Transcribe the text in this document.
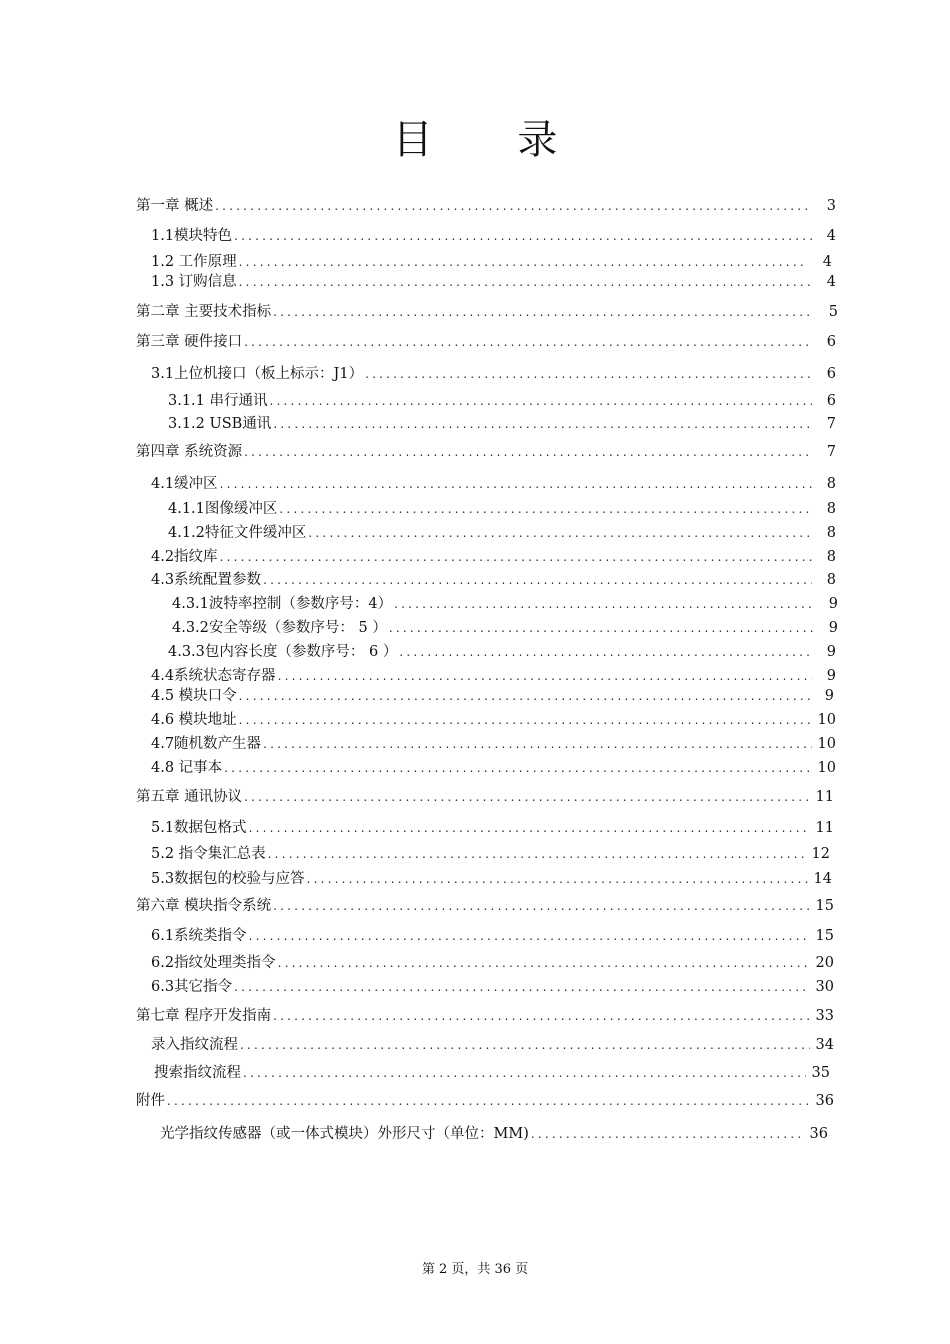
目 录
第一章 概述 .....	3
1.1模块特色 .....	4
1.2 工作原理 .....	4
1.3 订购信息 .....	4
第二章 主要技术指标 .....	5
第三章 硬件接口 .....	6
3.1上位机接口（板上标示：J1） .....	6
3.1.1 串行通讯 .....	6
3.1.2 USB通讯 .....	7
第四章 系统资源 .....	7
4.1缓冲区 .....	8
4.1.1图像缓冲区 .....	8
4.1.2特征文件缓冲区 .....	8
4.2指纹库 .....	8
4.3系统配置参数 .....	8
4.3.1波特率控制（参数序号：4） .....	9
4.3.2安全等级（参数序号： 5 ） .....	9
4.3.3包内容长度（参数序号： 6 ） .....	9
4.4系统状态寄存器 .....	9
4.5 模块口令 .....	9
4.6 模块地址 .....	10
4.7随机数产生器 .....	10
4.8 记事本 .....	10
第五章 通讯协议 .....	11
5.1数据包格式 .....	11
5.2 指令集汇总表 .....	12
5.3数据包的校验与应答 .....	14
第六章 模块指令系统 .....	15
6.1系统类指令 .....	15
6.2指纹处理类指令 .....	20
6.3其它指令 .....	30
第七章 程序开发指南 .....	33
录入指纹流程 .....	34
搜索指纹流程 .....	35
附件 .....	36
光学指纹传感器（或一体式模块）外形尺寸（单位：MM) .....	36
第 2 页，共 36 页
